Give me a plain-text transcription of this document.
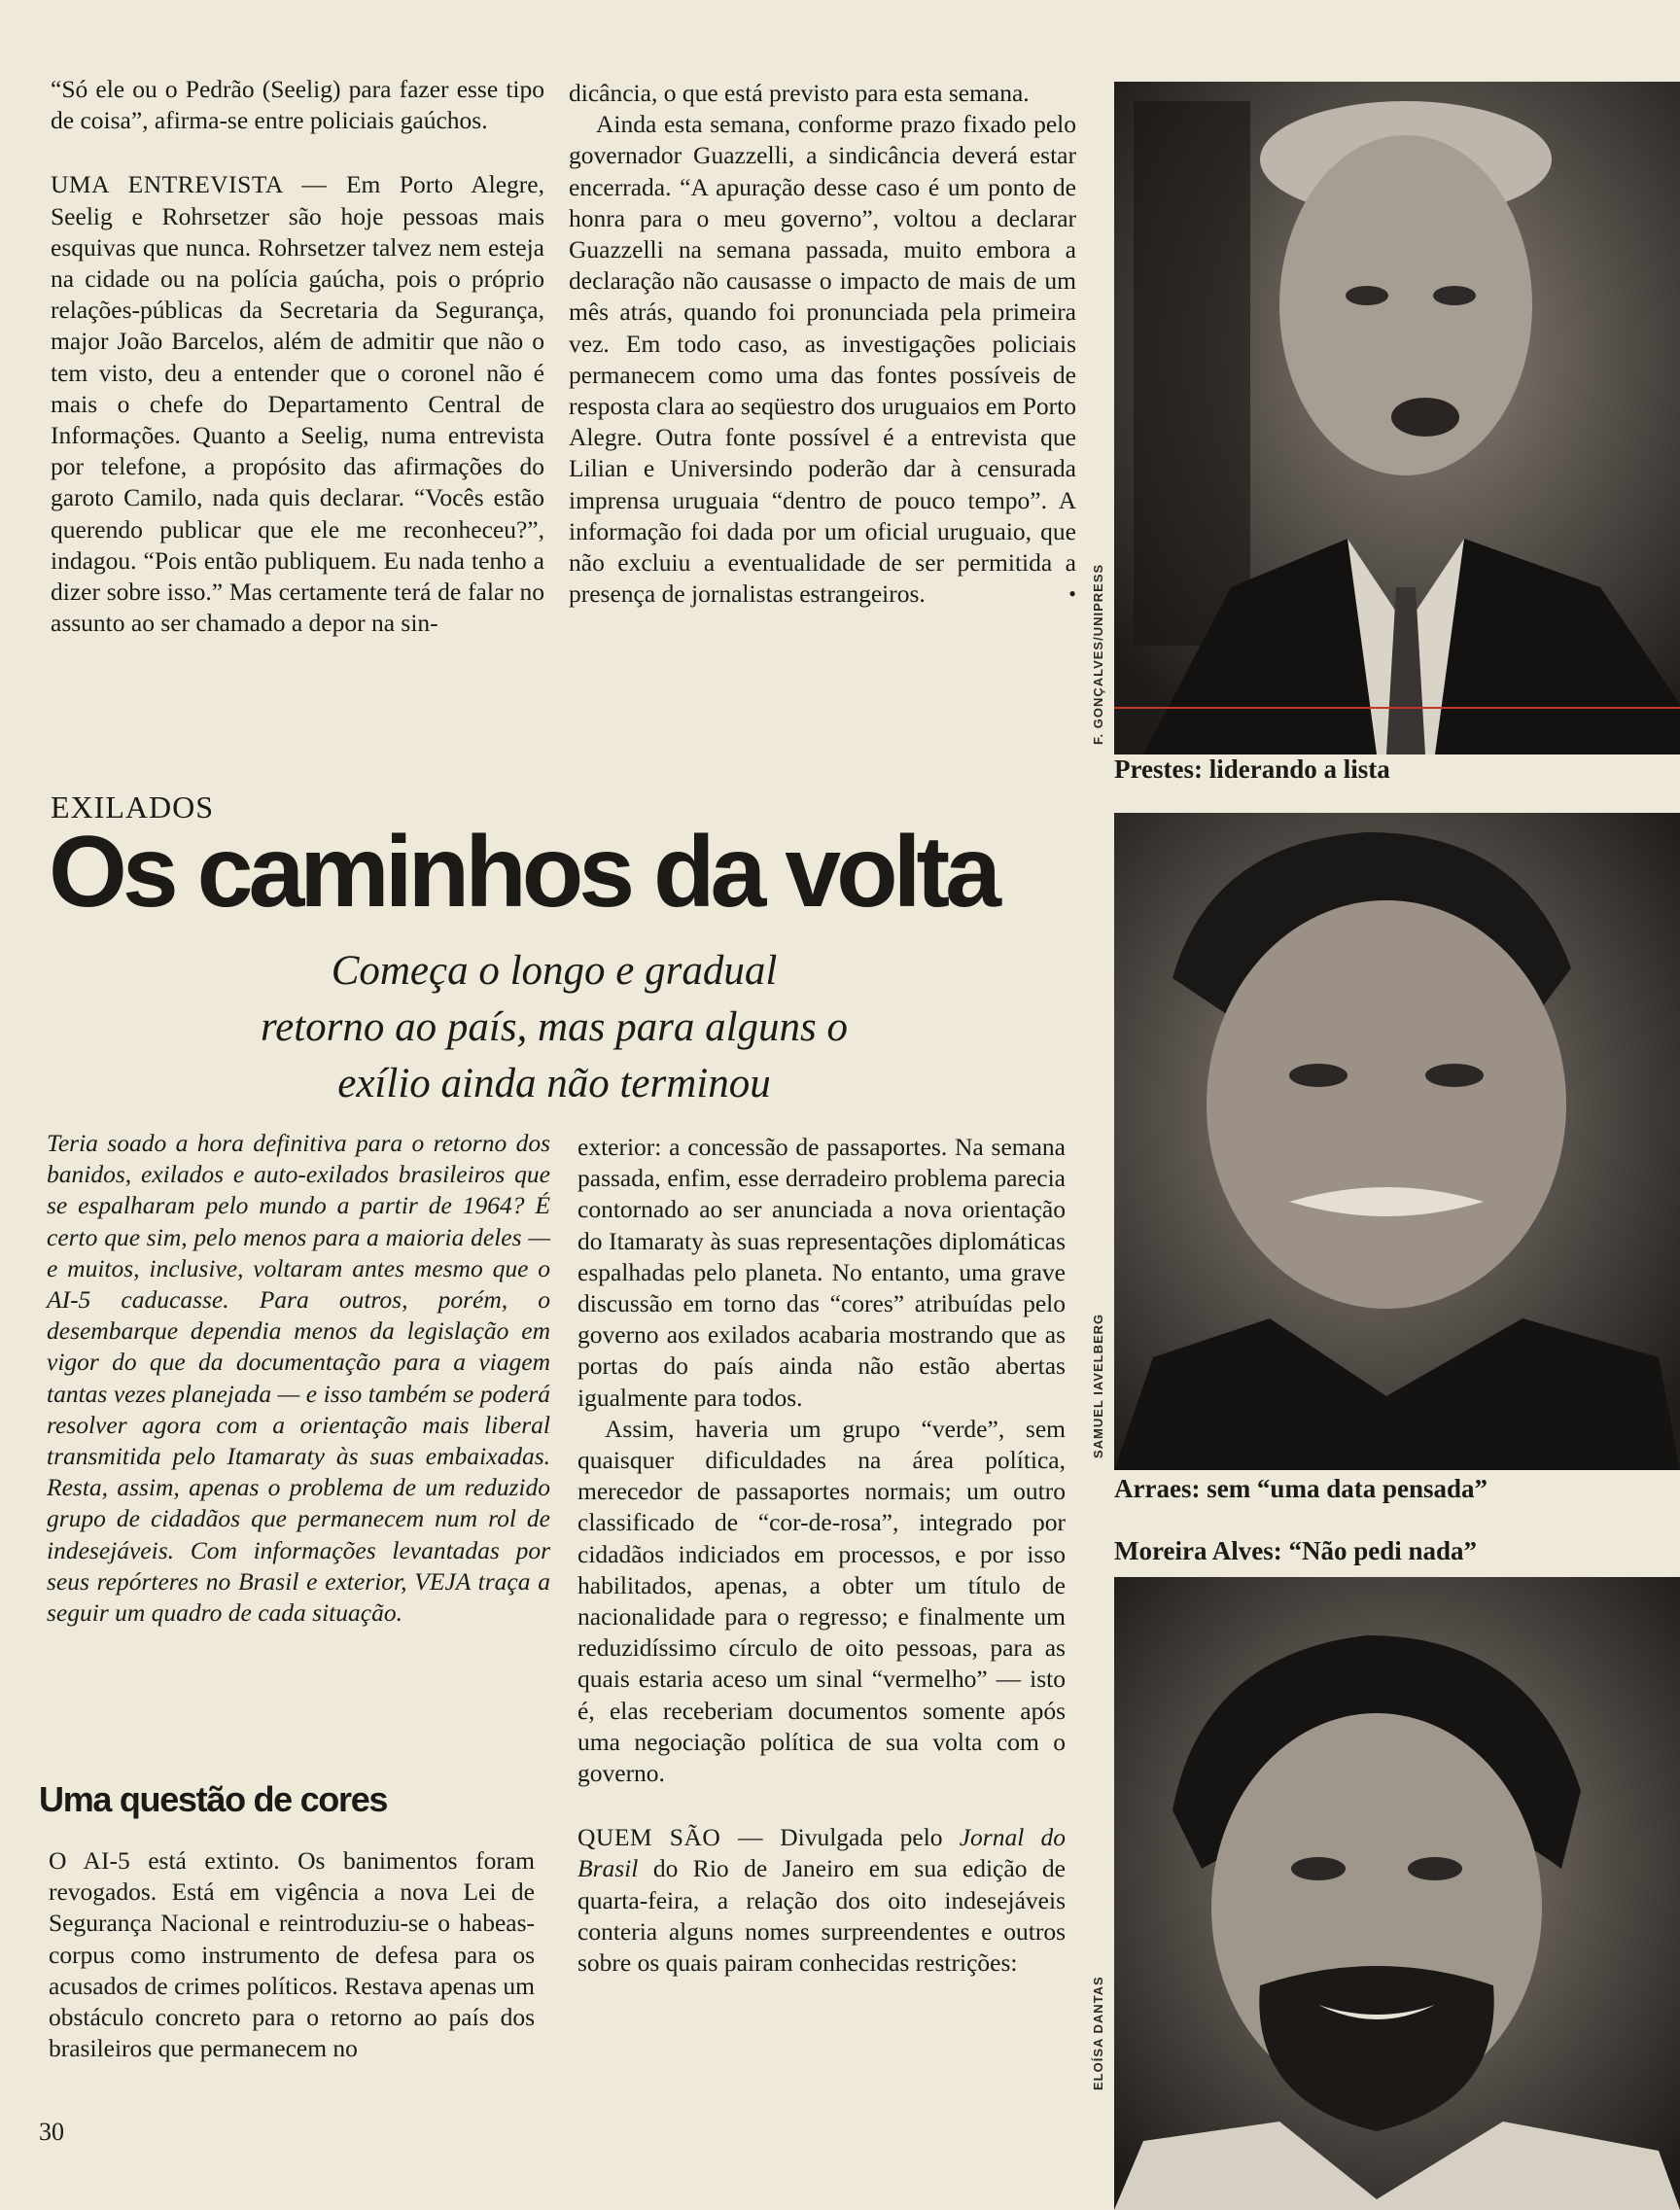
“Só ele ou o Pedrão (Seelig) para fazer esse tipo de coisa”, afirma-se entre policiais gaúchos.

UMA ENTREVISTA — Em Porto Alegre, Seelig e Rohrsetzer são hoje pessoas mais esquivas que nunca. Rohrsetzer talvez nem esteja na cidade ou na polícia gaúcha, pois o próprio relações-públicas da Secretaria da Segurança, major João Barcelos, além de admitir que não o tem visto, deu a entender que o coronel não é mais o chefe do Departamento Central de Informações. Quanto a Seelig, numa entrevista por telefone, a propósito das afirmações do garoto Camilo, nada quis declarar. “Vocês estão querendo publicar que ele me reconheceu?”, indagou. “Pois então publiquem. Eu nada tenho a dizer sobre isso.” Mas certamente terá de falar no assunto ao ser chamado a depor na sin-

dicância, o que está previsto para esta semana.

Ainda esta semana, conforme prazo fixado pelo governador Guazzelli, a sindicância deverá estar encerrada. “A apuração desse caso é um ponto de honra para o meu governo”, voltou a declarar Guazzelli na semana passada, muito embora a declaração não causasse o impacto de mais de um mês atrás, quando foi pronunciada pela primeira vez. Em todo caso, as investigações policiais permanecem como uma das fontes possíveis de resposta clara ao seqüestro dos uruguaios em Porto Alegre. Outra fonte possível é a entrevista que Lilian e Universindo poderão dar à censurada imprensa uruguaia “dentro de pouco tempo”. A informação foi dada por um oficial uruguaio, que não excluiu a eventualidade de ser permitida a presença de jornalistas estrangeiros.	•

EXILADOS
Os caminhos da volta
Começa o longo e gradual
retorno ao país, mas para alguns o
exílio ainda não terminou
Teria soado a hora definitiva para o retorno dos banidos, exilados e auto-exilados brasileiros que se espalharam pelo mundo a partir de 1964? É certo que sim, pelo menos para a maioria deles — e muitos, inclusive, voltaram antes mesmo que o AI-5 caducasse. Para outros, porém, o desembarque dependia menos da legislação em vigor do que da documentação para a viagem tantas vezes planejada — e isso também se poderá resolver agora com a orientação mais liberal transmitida pelo Itamaraty às suas embaixadas. Resta, assim, apenas o problema de um reduzido grupo de cidadãos que permanecem num rol de indesejáveis. Com informações levantadas por seus repórteres no Brasil e exterior, VEJA traça a seguir um quadro de cada situação.
Uma questão de cores

O AI-5 está extinto. Os banimentos foram revogados. Está em vigência a nova Lei de Segurança Nacional e reintroduziu-se o habeas-corpus como instrumento de defesa para os acusados de crimes políticos. Restava apenas um obstáculo concreto para o retorno ao país dos brasileiros que permanecem no

exterior: a concessão de passaportes. Na semana passada, enfim, esse derradeiro problema parecia contornado ao ser anunciada a nova orientação do Itamaraty às suas representações diplomáticas espalhadas pelo planeta. No entanto, uma grave discussão em torno das “cores” atribuídas pelo governo aos exilados acabaria mostrando que as portas do país ainda não estão abertas igualmente para todos.

Assim, haveria um grupo “verde”, sem quaisquer dificuldades na área política, merecedor de passaportes normais; um outro classificado de “cor-de-rosa”, integrado por cidadãos indiciados em processos, e por isso habilitados, apenas, a obter um título de nacionalidade para o regresso; e finalmente um reduzidíssimo círculo de oito pessoas, para as quais estaria aceso um sinal “vermelho” — isto é, elas receberiam documentos somente após uma negociação política de sua volta com o governo.

QUEM SÃO — Divulgada pelo Jornal do Brasil do Rio de Janeiro em sua edição de quarta-feira, a relação dos oito indesejáveis conteria alguns nomes surpreendentes e outros sobre os quais pairam conhecidas restrições:

F. GONÇALVES/UNIPRESS
Prestes: liderando a lista
SAMUEL IAVELBERG
Arraes: sem “uma data pensada”
Moreira Alves: “Não pedi nada”
ELOÍSA DANTAS
30
